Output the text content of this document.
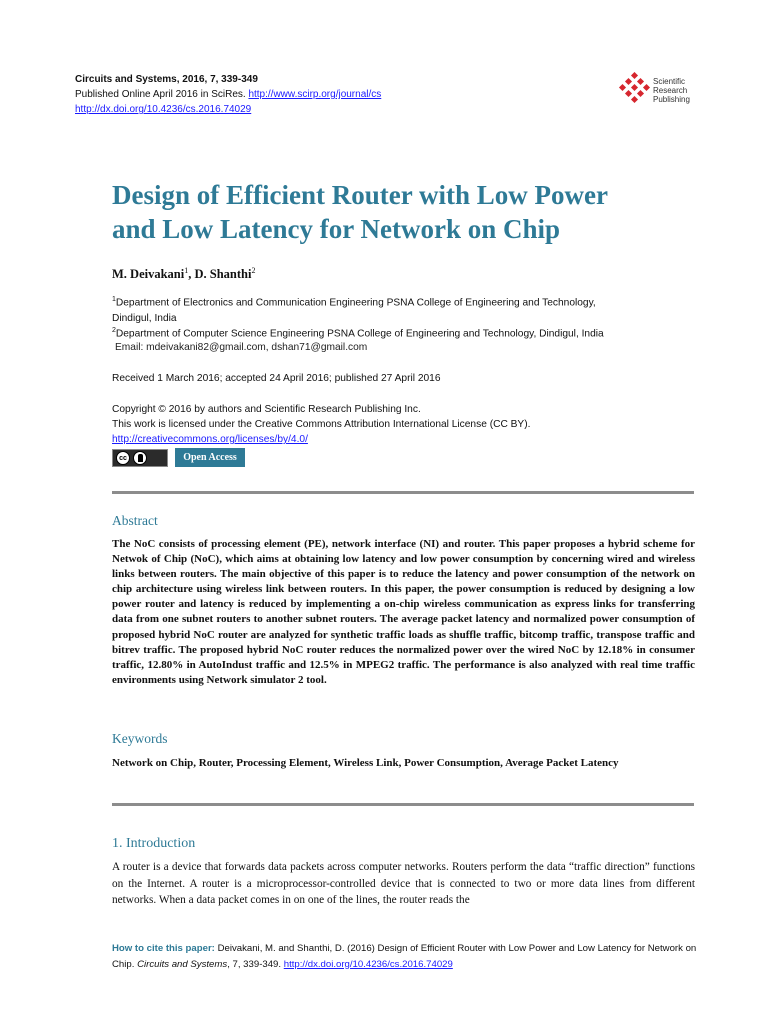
Circuits and Systems, 2016, 7, 339-349
Published Online April 2016 in SciRes. http://www.scirp.org/journal/cs
http://dx.doi.org/10.4236/cs.2016.74029
Scientific
Research
Publishing
Design of Efficient Router with Low Power
and Low Latency for Network on Chip
M. Deivakani$^1$, D. Shanthi$^2$
$^1$Department of Electronics and Communication Engineering PSNA College of Engineering and Technology,
Dindigul, India
$^2$Department of Computer Science Engineering PSNA College of Engineering and Technology, Dindigul, India
Email: mdeivakani82@gmail.com, dshan71@gmail.com
Received 1 March 2016; accepted 24 April 2016; published 27 April 2016
Copyright © 2016 by authors and Scientific Research Publishing Inc.
This work is licensed under the Creative Commons Attribution International License (CC BY).
http://creativecommons.org/licenses/by/4.0/
cc	Open Access
Abstract
The NoC consists of processing element (PE), network interface (NI) and router. This paper proposes a hybrid scheme for Netwok of Chip (NoC), which aims at obtaining low latency and low power consumption by concerning wired and wireless links between routers. The main objective of this paper is to reduce the latency and power consumption of the network on chip architecture using wireless link between routers. In this paper, the power consumption is reduced by designing a low power router and latency is reduced by implementing a on-chip wireless communication as express links for transferring data from one subnet routers to another subnet routers. The average packet latency and normalized power consumption of proposed hybrid NoC router are analyzed for synthetic traffic loads as shuffle traffic, bitcomp traffic, transpose traffic and bitrev traffic. The proposed hybrid NoC router reduces the normalized power over the wired NoC by 12.18% in consumer traffic, 12.80% in AutoIndust traffic and 12.5% in MPEG2 traffic. The performance is also analyzed with real time traffic environments using Network simulator 2 tool.
Keywords
Network on Chip, Router, Processing Element, Wireless Link, Power Consumption, Average Packet Latency
1. Introduction
A router is a device that forwards data packets across computer networks. Routers perform the data “traffic direction” functions on the Internet. A router is a microprocessor-controlled device that is connected to two or more data lines from different networks. When a data packet comes in on one of the lines, the router reads the
How to cite this paper: Deivakani, M. and Shanthi, D. (2016) Design of Efficient Router with Low Power and Low Latency for Network on Chip. Circuits and Systems, 7, 339-349. http://dx.doi.org/10.4236/cs.2016.74029
